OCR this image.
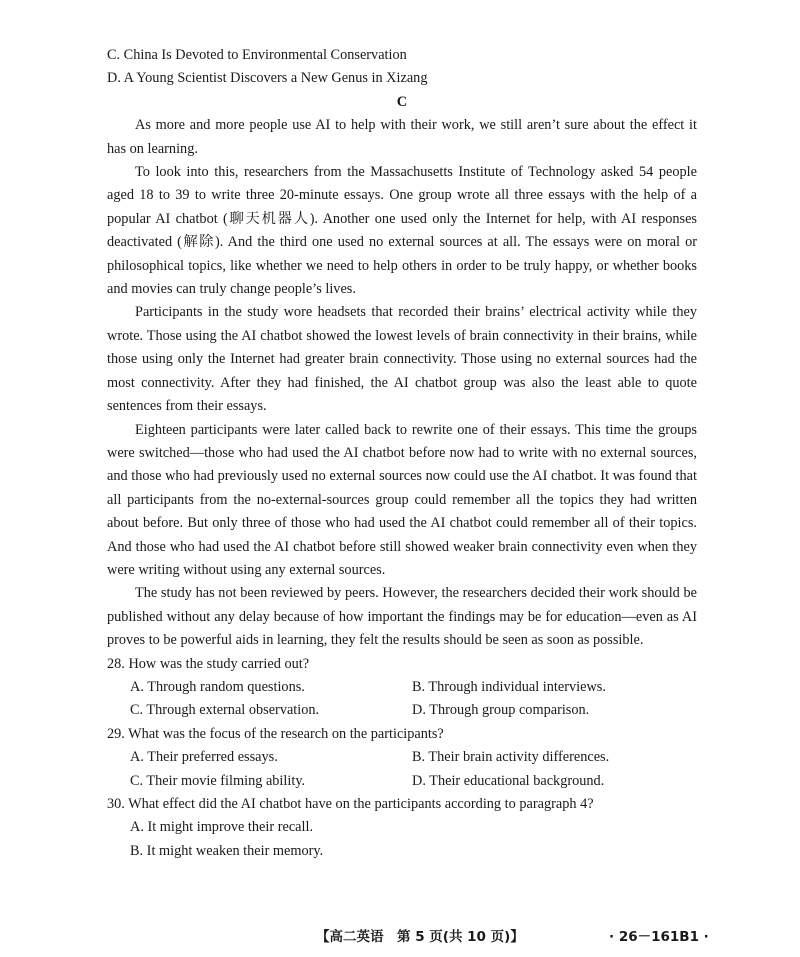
C. China Is Devoted to Environmental Conservation

D. A Young Scientist Discovers a New Genus in Xizang

C

As more and more people use AI to help with their work, we still aren’t sure about the effect it has on learning.

To look into this, researchers from the Massachusetts Institute of Technology asked 54 people aged 18 to 39 to write three 20-minute essays. One group wrote all three essays with the help of a popular AI chatbot (聊天机器人). Another one used only the Internet for help, with AI responses deactivated (解除). And the third one used no external sources at all. The essays were on moral or philosophical topics, like whether we need to help others in order to be truly happy, or whether books and movies can truly change people’s lives.

Participants in the study wore headsets that recorded their brains’ electrical activity while they wrote. Those using the AI chatbot showed the lowest levels of brain connectivity in their brains, while those using only the Internet had greater brain connectivity. Those using no external sources had the most connectivity. After they had finished, the AI chatbot group was also the least able to quote sentences from their essays.

Eighteen participants were later called back to rewrite one of their essays. This time the groups were switched—those who had used the AI chatbot before now had to write with no external sources, and those who had previously used no external sources now could use the AI chatbot. It was found that all participants from the no-external-sources group could remember all the topics they had written about before. But only three of those who had used the AI chatbot could remember all of their topics. And those who had used the AI chatbot before still showed weaker brain connectivity even when they were writing without using any external sources.

The study has not been reviewed by peers. However, the researchers decided their work should be published without any delay because of how important the findings may be for education—even as AI proves to be powerful aids in learning, they felt the results should be seen as soon as possible.

28. How was the study carried out?

A. Through random questions.	B. Through individual interviews.
C. Through external observation.	D. Through group comparison.

29. What was the focus of the research on the participants?

A. Their preferred essays.	B. Their brain activity differences.
C. Their movie filming ability.	D. Their educational background.

30. What effect did the AI chatbot have on the participants according to paragraph 4?

A. It might improve their recall.

B. It might weaken their memory.

【高二英语　第 5 页(共 10 页)】	· 26－161B1 ·
